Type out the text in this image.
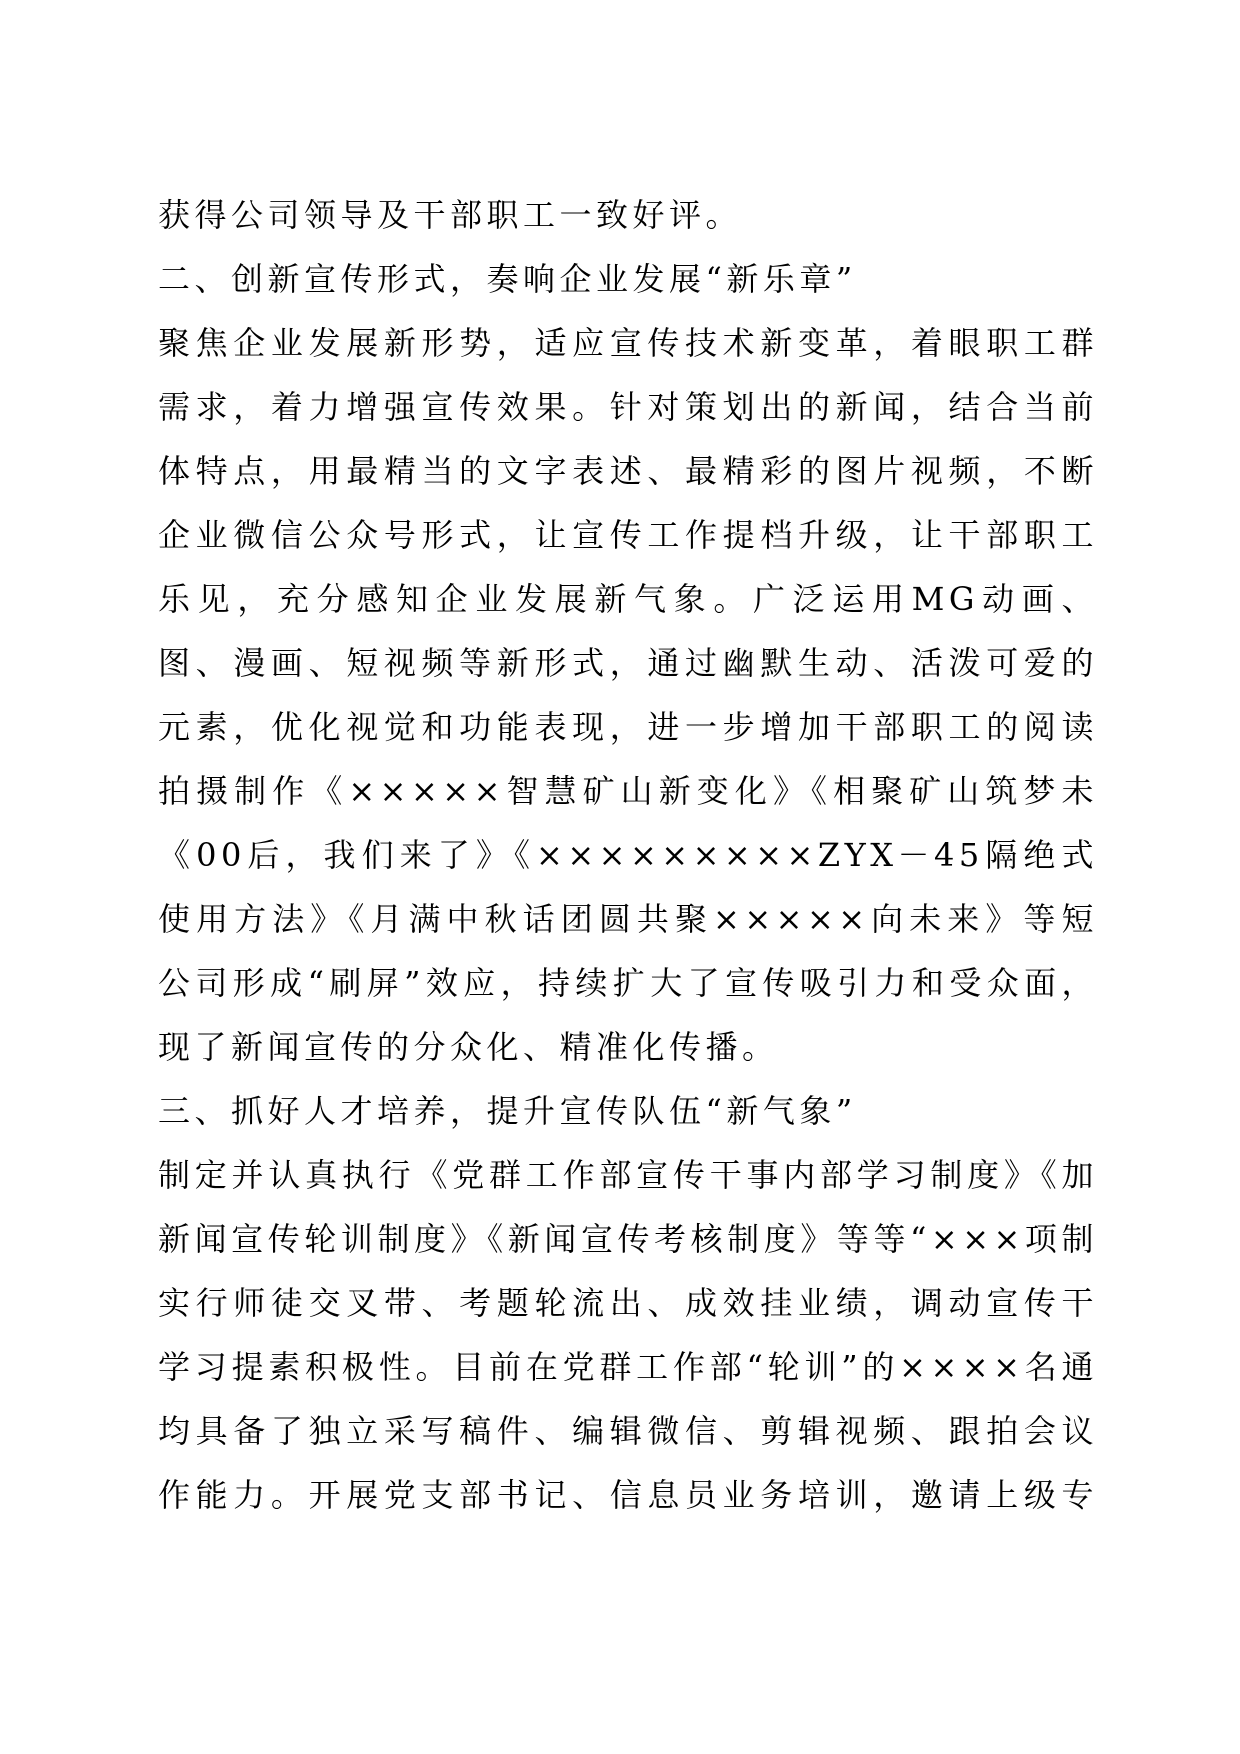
获得公司领导及干部职工一致好评。
二、创新宣传形式，奏响企业发展“新乐章”
聚焦企业发展新形势，适应宣传技术新变革，着眼职工群
需求，着力增强宣传效果。针对策划出的新闻，结合当前
体特点，用最精当的文字表述、最精彩的图片视频，不断
企业微信公众号形式，让宣传工作提档升级，让干部职工
乐见，充分感知企业发展新气象。广泛运用MG动画、
图、漫画、短视频等新形式，通过幽默生动、活泼可爱的
元素，优化视觉和功能表现，进一步增加干部职工的阅读
拍摄制作《×××××智慧矿山新变化》《相聚矿山筑梦未
《00后，我们来了》《×××××××××ZYX－45隔绝式
使用方法》《月满中秋话团圆共聚×××××向未来》等短
公司形成“刷屏”效应，持续扩大了宣传吸引力和受众面，
现了新闻宣传的分众化、精准化传播。
三、抓好人才培养，提升宣传队伍“新气象”
制定并认真执行《党群工作部宣传干事内部学习制度》《加
新闻宣传轮训制度》《新闻宣传考核制度》等等“×××项制
实行师徒交叉带、考题轮流出、成效挂业绩，调动宣传干
学习提素积极性。目前在党群工作部“轮训”的××××名通
均具备了独立采写稿件、编辑微信、剪辑视频、跟拍会议
作能力。开展党支部书记、信息员业务培训，邀请上级专
